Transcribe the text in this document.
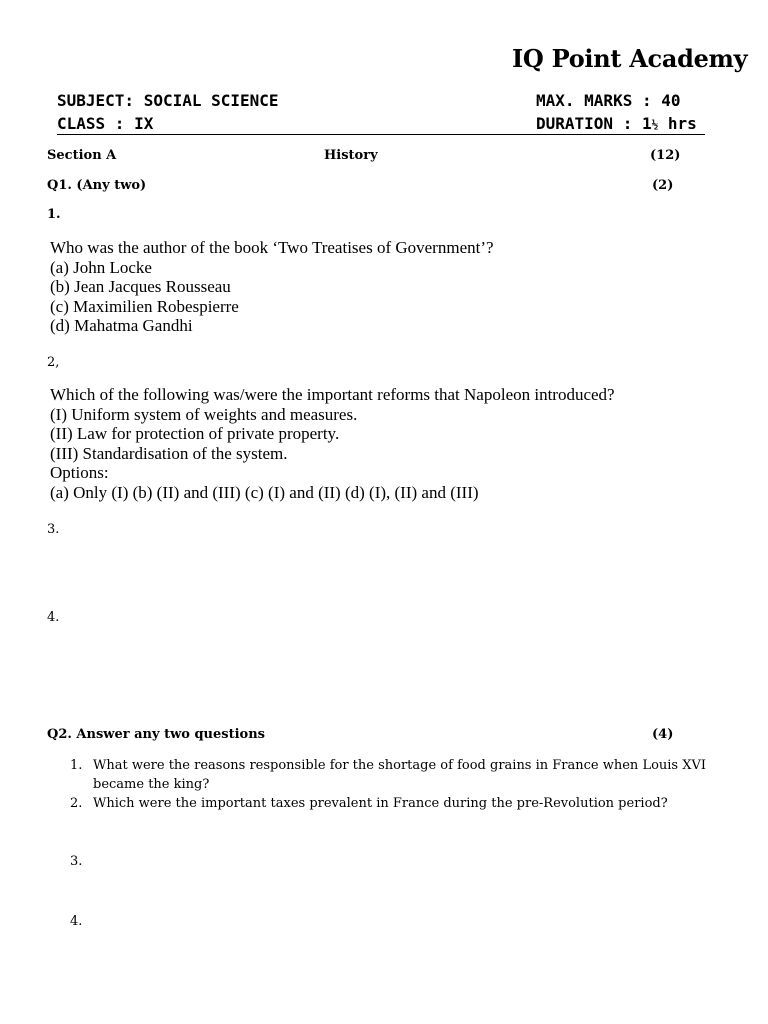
IQ Point Academy
SUBJECT: SOCIAL SCIENCE
CLASS : IX
MAX. MARKS : 40
DURATION : 1½ hrs
Section A	History	(12)
Q1. (Any two)	(2)
1.
Who was the author of the book ‘Two Treatises of Government’?
(a) John Locke
(b) Jean Jacques Rousseau
(c) Maximilien Robespierre
(d) Mahatma Gandhi
2,
Which of the following was/were the important reforms that Napoleon introduced?
(I) Uniform system of weights and measures.
(II) Law for protection of private property.
(III) Standardisation of the system.
Options:
(a) Only (I) (b) (II) and (III) (c) (I) and (II) (d) (I), (II) and (III)
3.
4.
Q2. Answer any two questions	(4)
1. What were the reasons responsible for the shortage of food grains in France when Louis XVI became the king?
2. Which were the important taxes prevalent in France during the pre-Revolution period?
3.
4.
